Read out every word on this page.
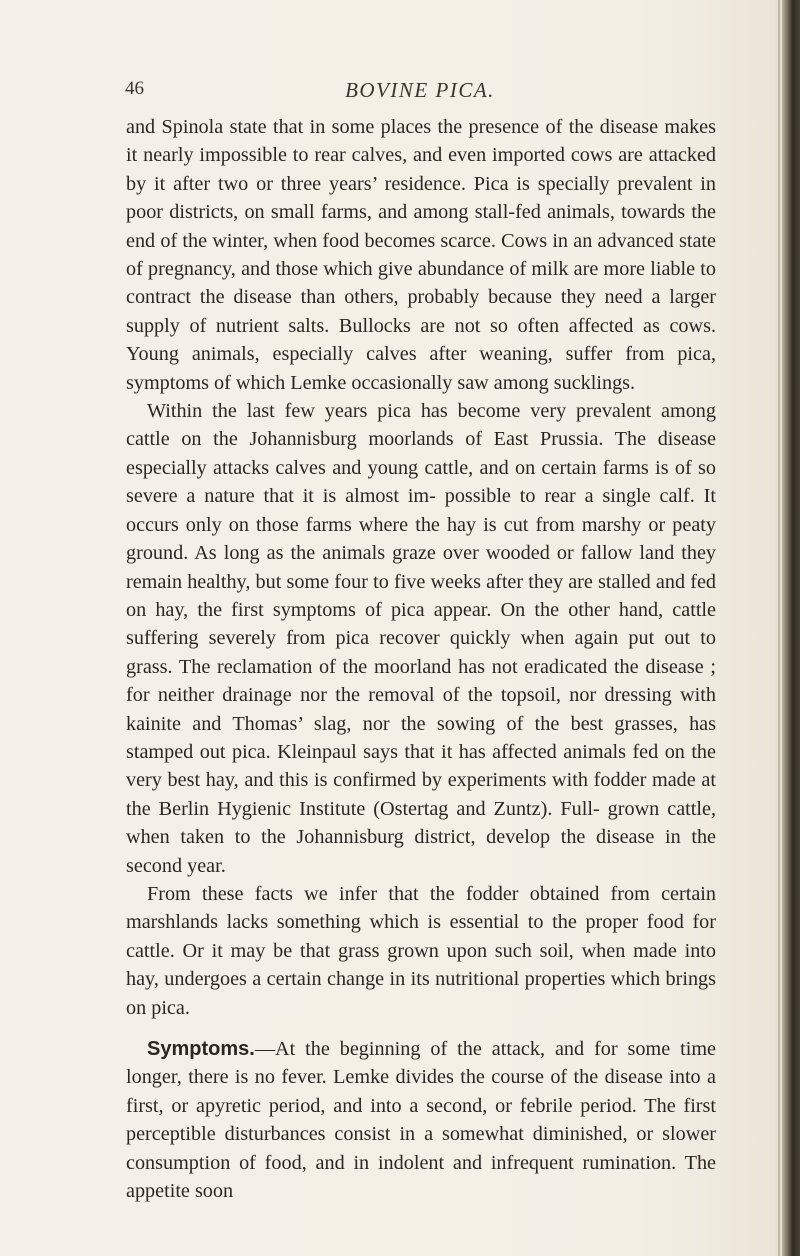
46	BOVINE PICA.

and Spinola state that in some places the presence of the disease makes it nearly impossible to rear calves, and even imported cows are attacked by it after two or three years’ residence. Pica is specially prevalent in poor districts, on small farms, and among stall-fed animals, towards the end of the winter, when food becomes scarce. Cows in an advanced state of pregnancy, and those which give abundance of milk are more liable to contract the disease than others, probably because they need a larger supply of nutrient salts. Bullocks are not so often affected as cows. Young animals, especially calves after weaning, suffer from pica, symptoms of which Lemke occasionally saw among sucklings.

Within the last few years pica has become very prevalent among cattle on the Johannisburg moorlands of East Prussia. The disease especially attacks calves and young cattle, and on certain farms is of so severe a nature that it is almost im- possible to rear a single calf. It occurs only on those farms where the hay is cut from marshy or peaty ground. As long as the animals graze over wooded or fallow land they remain healthy, but some four to five weeks after they are stalled and fed on hay, the first symptoms of pica appear. On the other hand, cattle suffering severely from pica recover quickly when again put out to grass. The reclamation of the moorland has not eradicated the disease ; for neither drainage nor the removal of the topsoil, nor dressing with kainite and Thomas’ slag, nor the sowing of the best grasses, has stamped out pica. Kleinpaul says that it has affected animals fed on the very best hay, and this is confirmed by experiments with fodder made at the Berlin Hygienic Institute (Ostertag and Zuntz). Full- grown cattle, when taken to the Johannisburg district, develop the disease in the second year.

From these facts we infer that the fodder obtained from certain marshlands lacks something which is essential to the proper food for cattle. Or it may be that grass grown upon such soil, when made into hay, undergoes a certain change in its nutritional properties which brings on pica.

Symptoms.—At the beginning of the attack, and for some time longer, there is no fever. Lemke divides the course of the disease into a first, or apyretic period, and into a second, or febrile period. The first perceptible disturbances consist in a somewhat diminished, or slower consumption of food, and in indolent and infrequent rumination. The appetite soon
